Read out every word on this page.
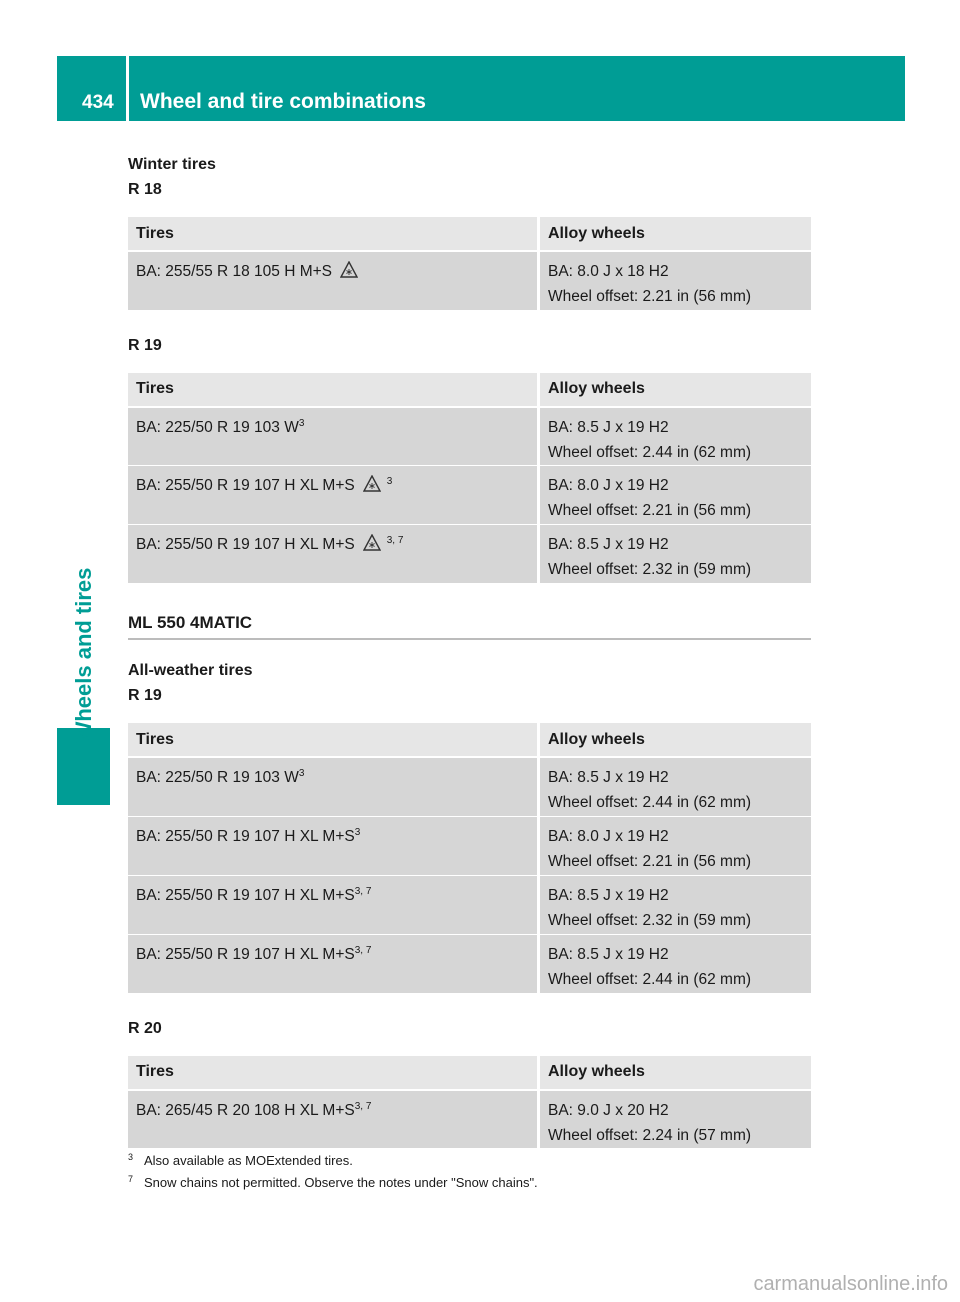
434 Wheel and tire combinations
Wheels and tires
Winter tires
R 18
Tires	Alloy wheels

BA: 255/55 R 18 105 H M+S	BA: 8.0 J x 18 H2
Wheel offset: 2.21 in (56 mm)
R 19
Tires	Alloy wheels

BA: 225/50 R 19 103 $W^3$	BA: 8.5 J x 19 H2
Wheel offset: 2.44 in (62 mm)

BA: 255/50 R 19 107 H XL M+S $^3$	BA: 8.0 J x 19 H2
Wheel offset: 2.21 in (56 mm)

BA: 255/50 R 19 107 H XL M+S $^{3, 7}$	BA: 8.5 J x 19 H2
Wheel offset: 2.32 in (59 mm)
ML 550 4MATIC
All-weather tires
R 19
Tires	Alloy wheels

BA: 225/50 R 19 103 $W^3$	BA: 8.5 J x 19 H2
Wheel offset: 2.44 in (62 mm)

BA: 255/50 R 19 107 H XL $M+S^3$	BA: 8.0 J x 19 H2
Wheel offset: 2.21 in (56 mm)

BA: 255/50 R 19 107 H XL $M+S^{3, 7}$	BA: 8.5 J x 19 H2
Wheel offset: 2.32 in (59 mm)

BA: 255/50 R 19 107 H XL $M+S^{3, 7}$	BA: 8.5 J x 19 H2
Wheel offset: 2.44 in (62 mm)
R 20
Tires	Alloy wheels

BA: 265/45 R 20 108 H XL $M+S^{3, 7}$	BA: 9.0 J x 20 H2
Wheel offset: 2.24 in (57 mm)
3 Also available as MOExtended tires.
7 Snow chains not permitted. Observe the notes under "Snow chains".
carmanualsonline.info
